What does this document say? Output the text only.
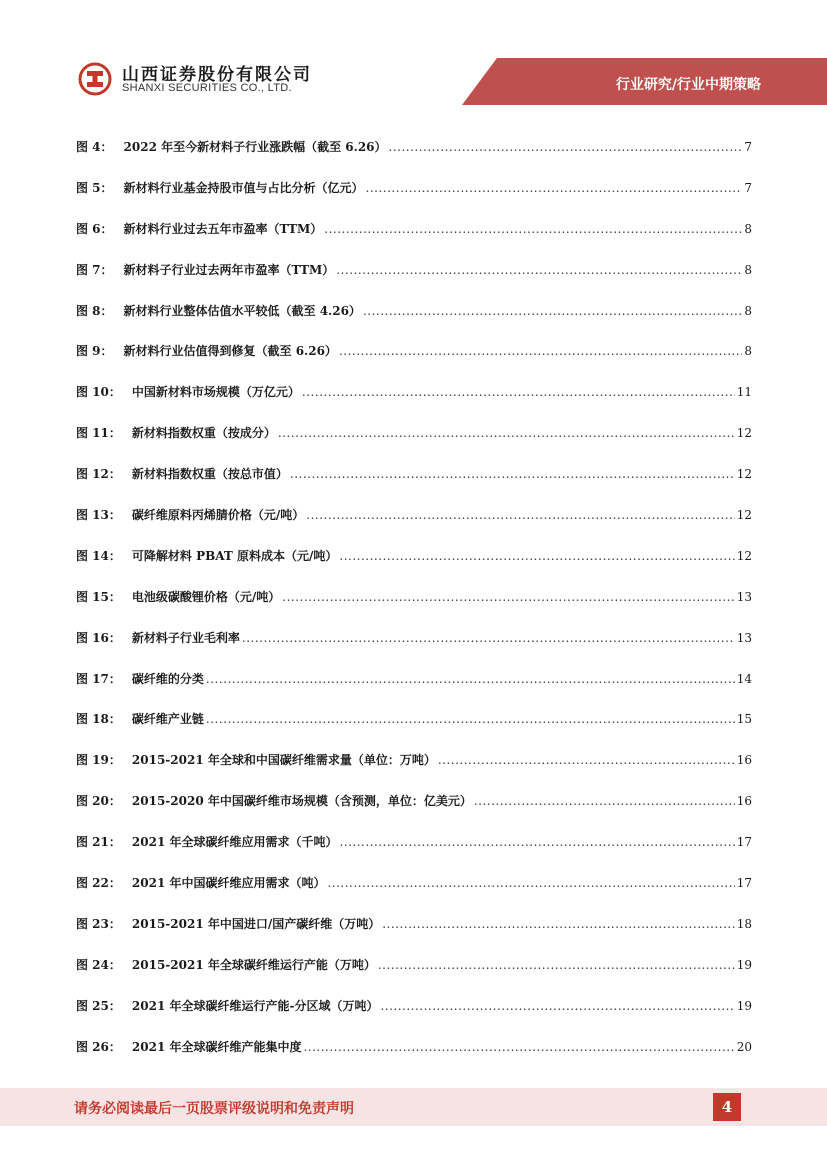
山西证券股份有限公司
SHANXI SECURITIES CO., LTD.	行业研究/行业中期策略
图 4： 2022 年至今新材料子行业涨跌幅（截至 6.26） .....	7
图 5： 新材料行业基金持股市值与占比分析（亿元） .....	7
图 6： 新材料行业过去五年市盈率（TTM） .....	8
图 7： 新材料子行业过去两年市盈率（TTM） .....	8
图 8： 新材料行业整体估值水平较低（截至 4.26） .....	8
图 9： 新材料行业估值得到修复（截至 6.26） .....	8
图 10： 中国新材料市场规模（万亿元） .....	11
图 11： 新材料指数权重（按成分） .....	12
图 12： 新材料指数权重（按总市值） .....	12
图 13： 碳纤维原料丙烯腈价格（元/吨） .....	12
图 14： 可降解材料 PBAT 原料成本（元/吨） .....	12
图 15： 电池级碳酸锂价格（元/吨） .....	13
图 16： 新材料子行业毛利率 .....	13
图 17： 碳纤维的分类 .....	14
图 18： 碳纤维产业链 .....	15
图 19： 2015-2021 年全球和中国碳纤维需求量（单位：万吨） .....	16
图 20： 2015-2020 年中国碳纤维市场规模（含预测，单位：亿美元） .....	16
图 21： 2021 年全球碳纤维应用需求（千吨） .....	17
图 22： 2021 年中国碳纤维应用需求（吨） .....	17
图 23： 2015-2021 年中国进口/国产碳纤维（万吨） .....	18
图 24： 2015-2021 年全球碳纤维运行产能（万吨） .....	19
图 25： 2021 年全球碳纤维运行产能-分区域（万吨） .....	19
图 26： 2021 年全球碳纤维产能集中度 .....	20
请务必阅读最后一页股票评级说明和免责声明	4
